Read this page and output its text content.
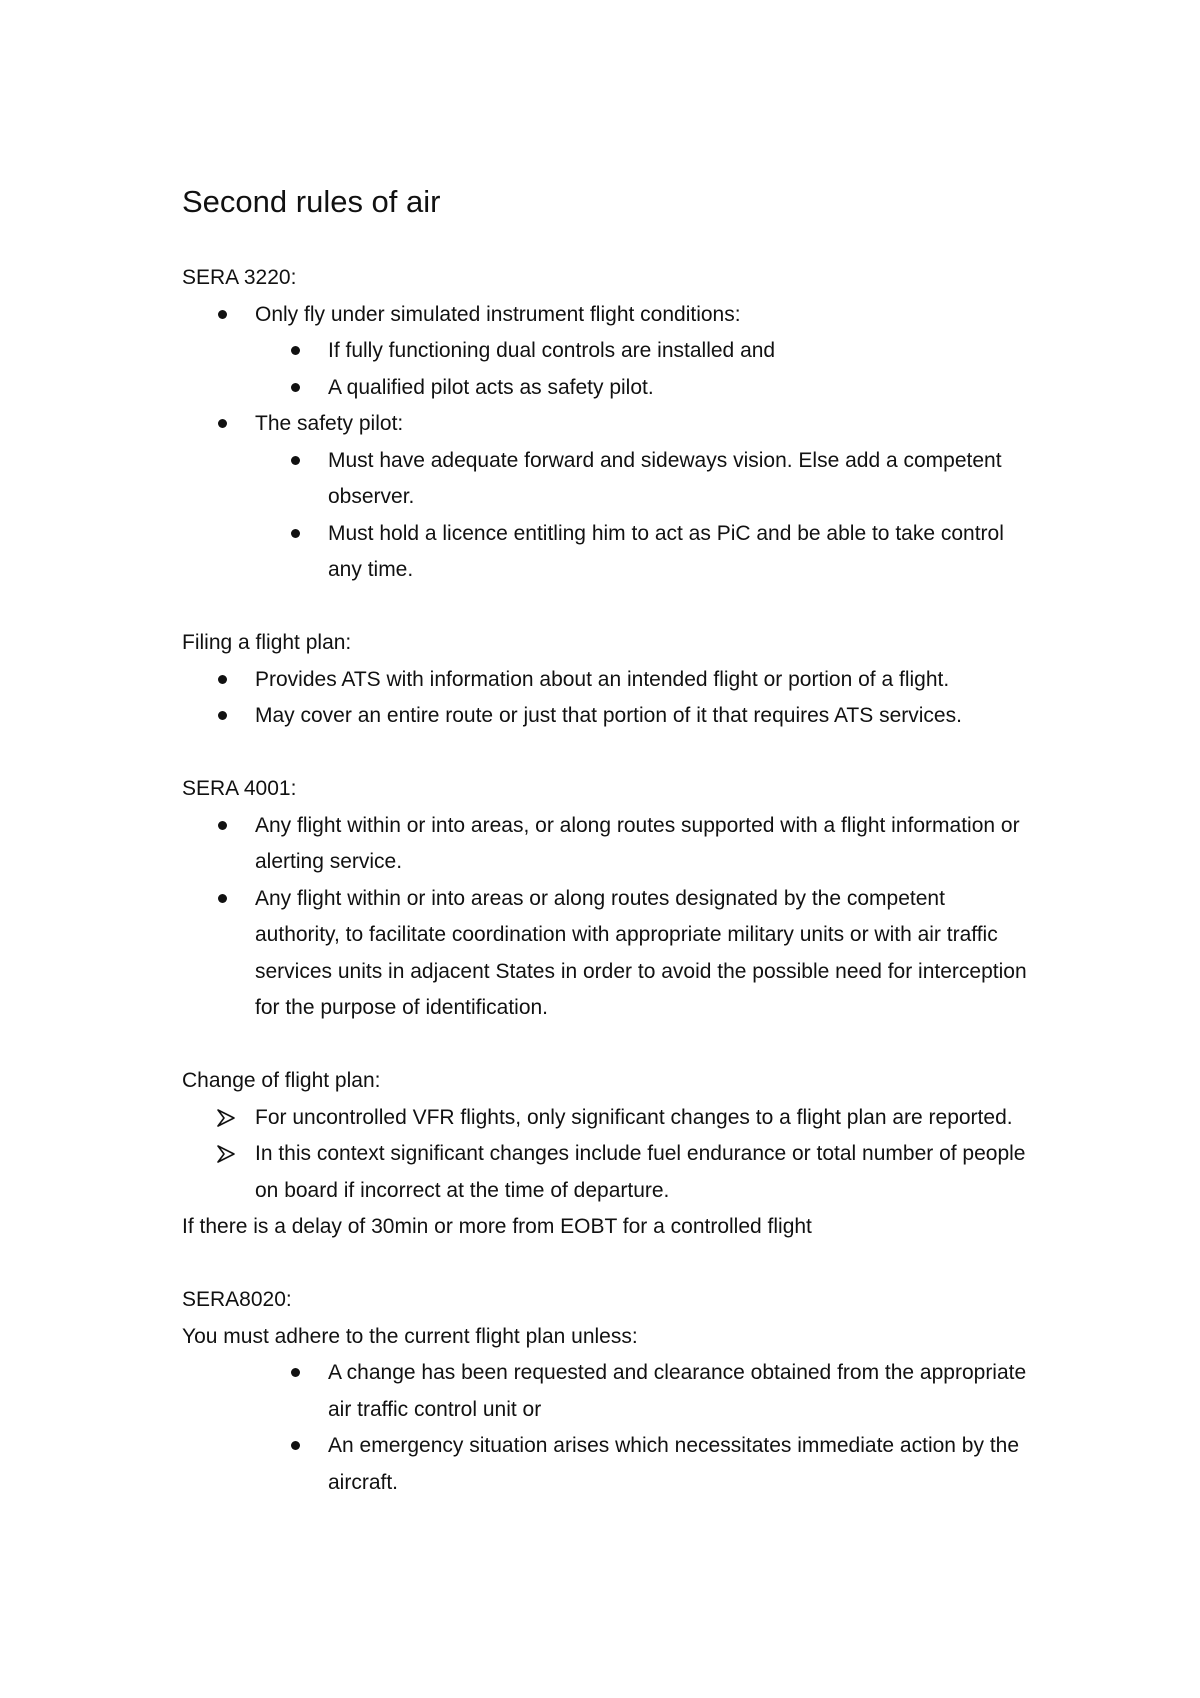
Second rules of air

SERA 3220:

Only fly under simulated instrument flight conditions:
If fully functioning dual controls are installed and
A qualified pilot acts as safety pilot.
The safety pilot:
Must have adequate forward and sideways vision. Else add a competent observer.
Must hold a licence entitling him to act as PiC and be able to take control any time.

Filing a flight plan:

Provides ATS with information about an intended flight or portion of a flight.
May cover an entire route or just that portion of it that requires ATS services.

SERA 4001:

Any flight within or into areas, or along routes supported with a flight information or alerting service.
Any flight within or into areas or along routes designated by the competent authority, to facilitate coordination with appropriate military units or with air traffic services units in adjacent States in order to avoid the possible need for interception for the purpose of identification.

Change of flight plan:

For uncontrolled VFR flights, only significant changes to a flight plan are reported.
In this context significant changes include fuel endurance or total number of people on board if incorrect at the time of departure.

If there is a delay of 30min or more from EOBT for a controlled flight

SERA8020:

You must adhere to the current flight plan unless:

A change has been requested and clearance obtained from the appropriate air traffic control unit or
An emergency situation arises which necessitates immediate action by the aircraft.
